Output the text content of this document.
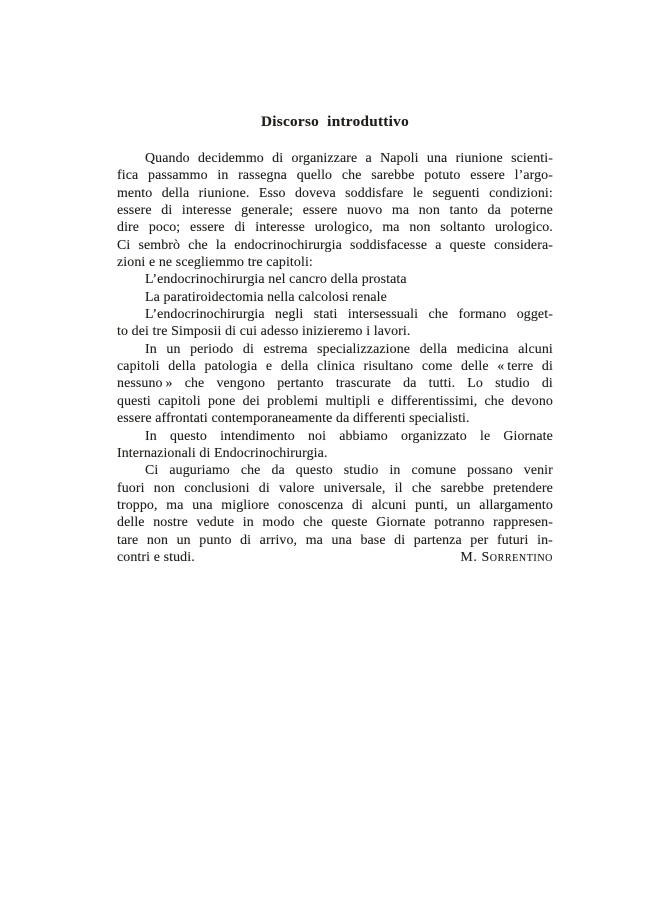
Discorso introduttivo
Quando decidemmo di organizzare a Napoli una riunione scienti-
fica passammo in rassegna quello che sarebbe potuto essere l’argo-
mento della riunione. Esso doveva soddisfare le seguenti condizioni:
essere di interesse generale; essere nuovo ma non tanto da poterne
dire poco; essere di interesse urologico, ma non soltanto urologico.
Ci sembrò che la endocrinochirurgia soddisfacesse a queste considera-
zioni e ne scegliemmo tre capitoli:
L’endocrinochirurgia nel cancro della prostata
La paratiroidectomia nella calcolosi renale
L’endocrinochirurgia negli stati intersessuali che formano ogget-
to dei tre Simposii di cui adesso inizieremo i lavori.
In un periodo di estrema specializzazione della medicina alcuni
capitoli della patologia e della clinica risultano come delle « terre di
nessuno » che vengono pertanto trascurate da tutti. Lo studio di
questi capitoli pone dei problemi multipli e differentissimi, che devono
essere affrontati contemporaneamente da differenti specialisti.
In questo intendimento noi abbiamo organizzato le Giornate
Internazionali di Endocrinochirurgia.
Ci auguriamo che da questo studio in comune possano venir
fuori non conclusioni di valore universale, il che sarebbe pretendere
troppo, ma una migliore conoscenza di alcuni punti, un allargamento
delle nostre vedute in modo che queste Giornate potranno rappresen-
tare non un punto di arrivo, ma una base di partenza per futuri in-
contri e studi.	M. Sorrentino
